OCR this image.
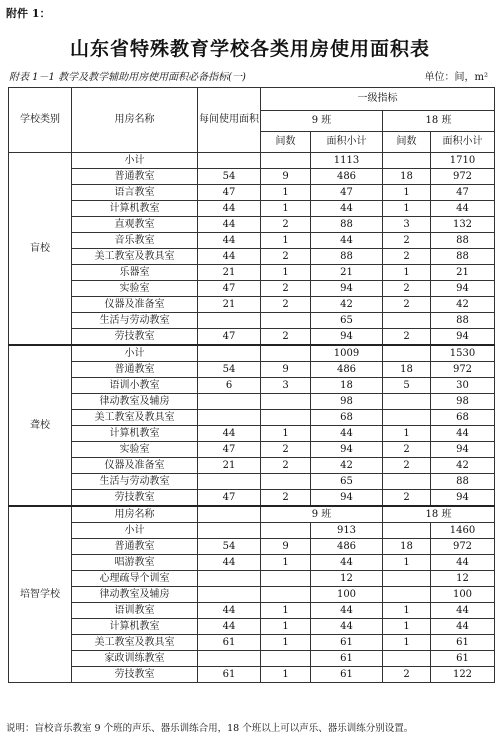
附件 1：
山东省特殊教育学校各类用房使用面积表
附表 1－1 教学及教学辅助用房使用面积必备指标(一)	单位：间，m²
学校类别	用房名称	每间使用面积	一级指标			
			9 班		18 班	
			间数	面积小计	间数	面积小计
盲校	小计			1113		1710
	普通教室	54	9	486	18	972
	语言教室	47	1	47	1	47
	计算机教室	44	1	44	1	44
	直观教室	44	2	88	3	132
	音乐教室	44	1	44	2	88
	美工教室及教具室	44	2	88	2	88
	乐器室	21	1	21	1	21
	实验室	47	2	94	2	94
	仪器及准备室	21	2	42	2	42
	生活与劳动教室			65		88
	劳技教室	47	2	94	2	94
聋校	小计			1009		1530
	普通教室	54	9	486	18	972
	语训小教室	6	3	18	5	30
	律动教室及辅房			98		98
	美工教室及教具室			68		68
	计算机教室	44	1	44	1	44
	实验室	47	2	94	2	94
	仪器及准备室	21	2	42	2	42
	生活与劳动教室			65		88
	劳技教室	47	2	94	2	94
培智学校	用房名称		9 班		18 班	
	小计			913		1460
	普通教室	54	9	486	18	972
	唱游教室	44	1	44	1	44
	心理疏导个训室			12		12
	律动教室及辅房			100		100
	语训教室	44	1	44	1	44
	计算机教室	44	1	44	1	44
	美工教室及教具室	61	1	61	1	61
	家政训练教室			61		61
	劳技教室	61	1	61	2	122
说明：盲校音乐教室 9 个班的声乐、器乐训练合用，18 个班以上可以声乐、器乐训练分别设置。
